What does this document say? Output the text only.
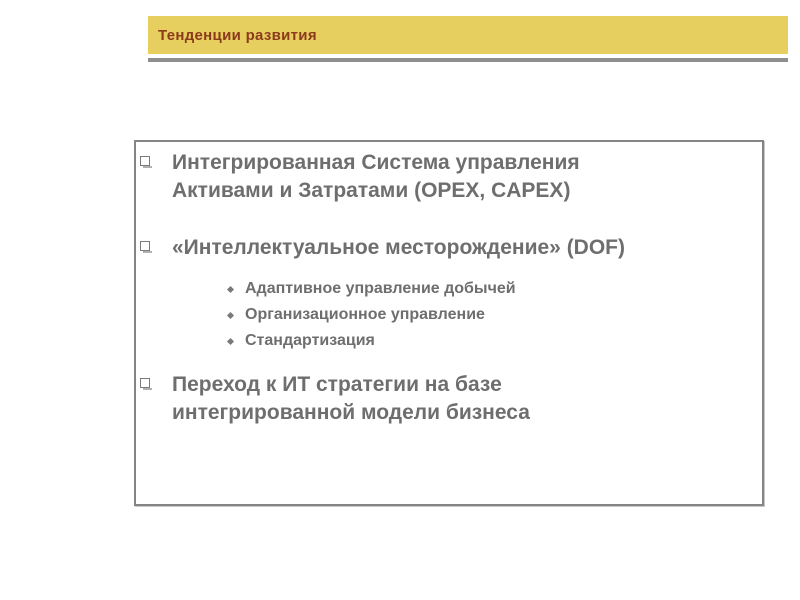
Тенденции развития
Интегрированная Система управления
Активами и Затратами (OPEX, CAPEX)
«Интеллектуальное месторождение» (DOF)
Адаптивное управление добычей
Организационное управление
Стандартизация
Переход к ИТ стратегии на базе
интегрированной модели бизнеса
